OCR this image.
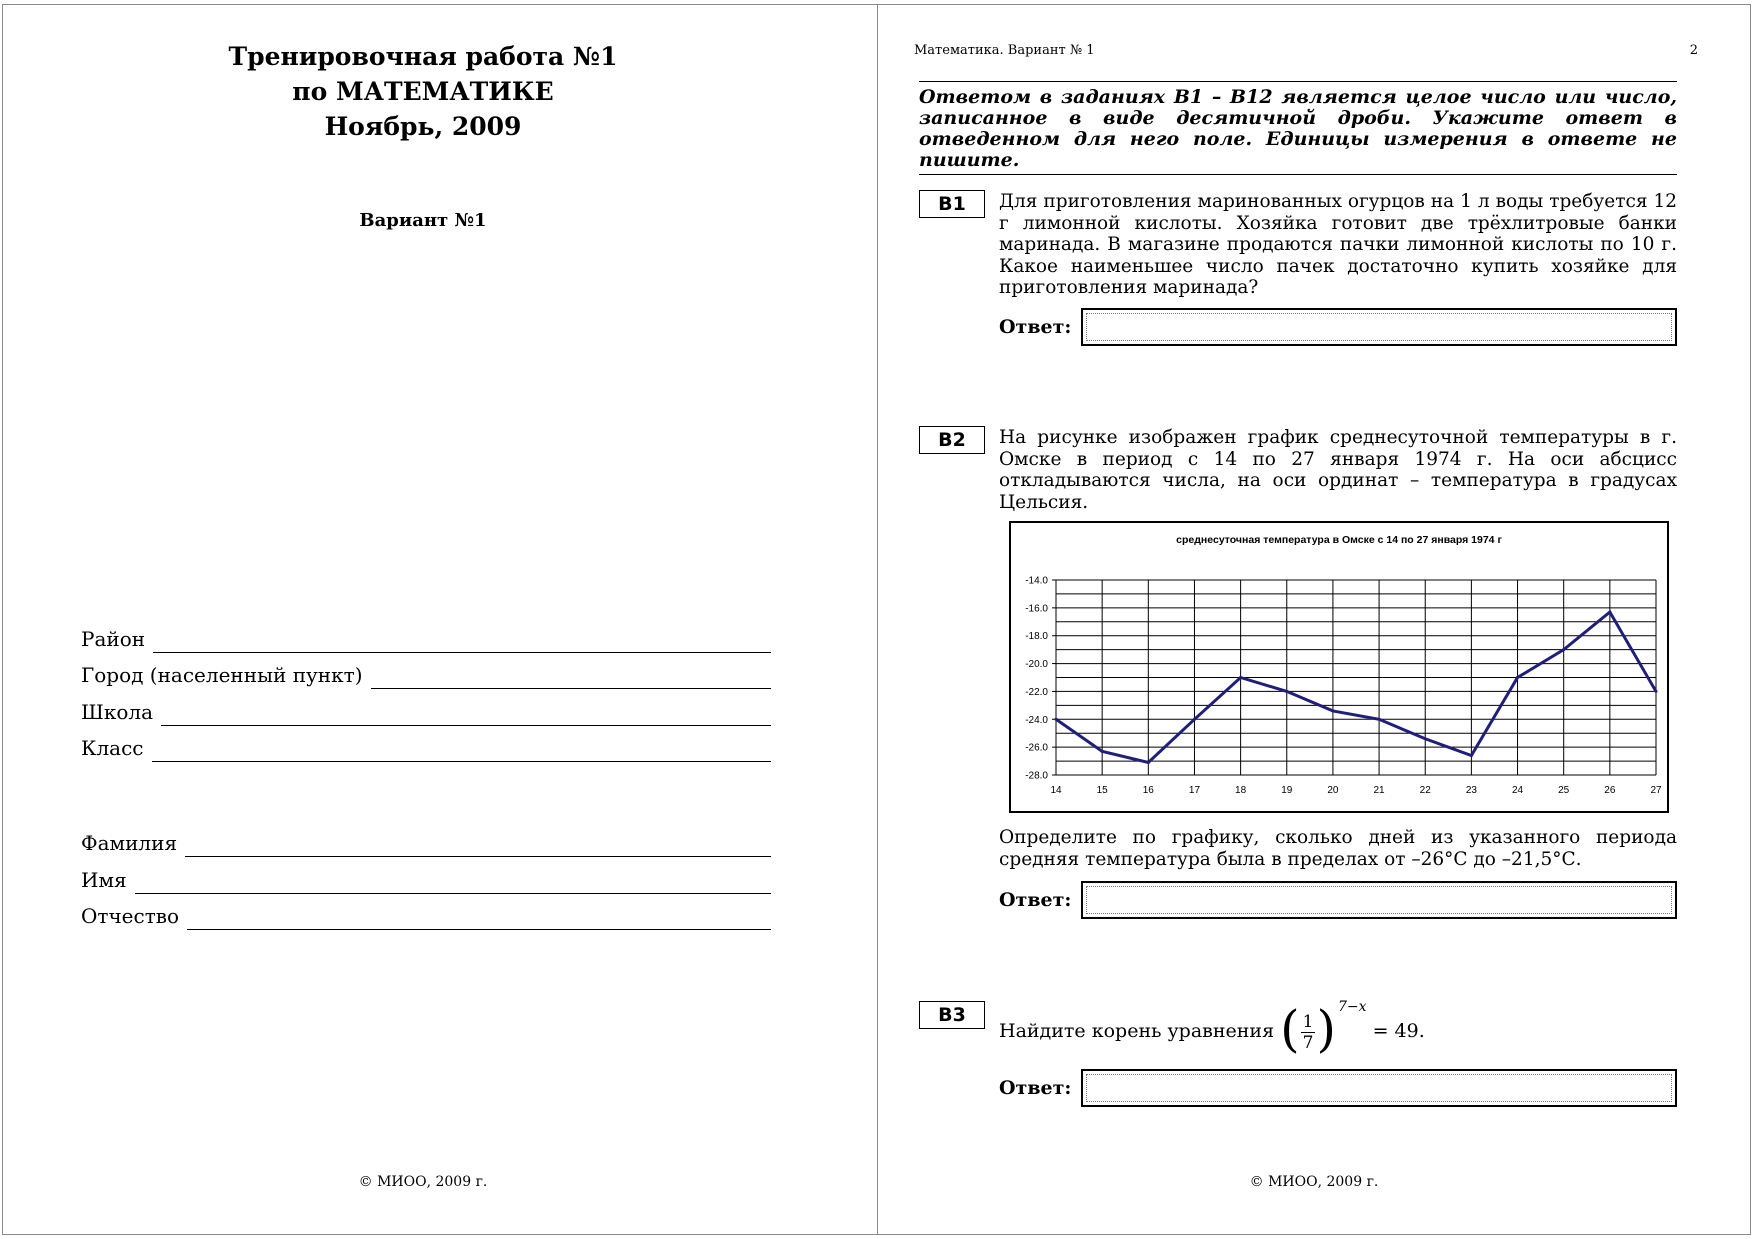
Тренировочная работа №1
по МАТЕМАТИКЕ
Ноябрь, 2009
Вариант №1
Район
Город (населенный пункт)
Школа
Класс
Фамилия
Имя
Отчество
© МИОО, 2009 г.
Математика. Вариант № 1	2
Ответом в заданиях B1 – B12 является целое число или число, записанное в виде десятичной дроби. Укажите ответ в отведенном для него поле. Единицы измерения в ответе не пишите.
B1	Для приготовления маринованных огурцов на 1 л воды требуется 12 г лимонной кислоты. Хозяйка готовит две трёхлитровые банки маринада. В магазине продаются пачки лимонной кислоты по 10 г. Какое наименьшее число пачек достаточно купить хозяйке для приготовления маринада?
Ответ:
B2	На рисунке изображен график среднесуточной температуры в г. Омске в период с 14 по 27 января 1974 г. На оси абсцисс откладываются числа, на оси ординат – температура в градусах Цельсия.
среднесуточная температура в Омске с 14 по 27 января 1974 г
-14.0
-16.0
-18.0
-20.0
-22.0
-24.0
-26.0
-28.0
14	15	16	17	18	19	20	21	22	23	24	25	26	27
Определите по графику, сколько дней из указанного периода средняя температура была в пределах от –26°С до –21,5°С.
Ответ:
B3
Найдите корень уравнения ( $\frac{1}{7}$ ) $^{7-x}$ = 49.
Ответ:
© МИОО, 2009 г.
